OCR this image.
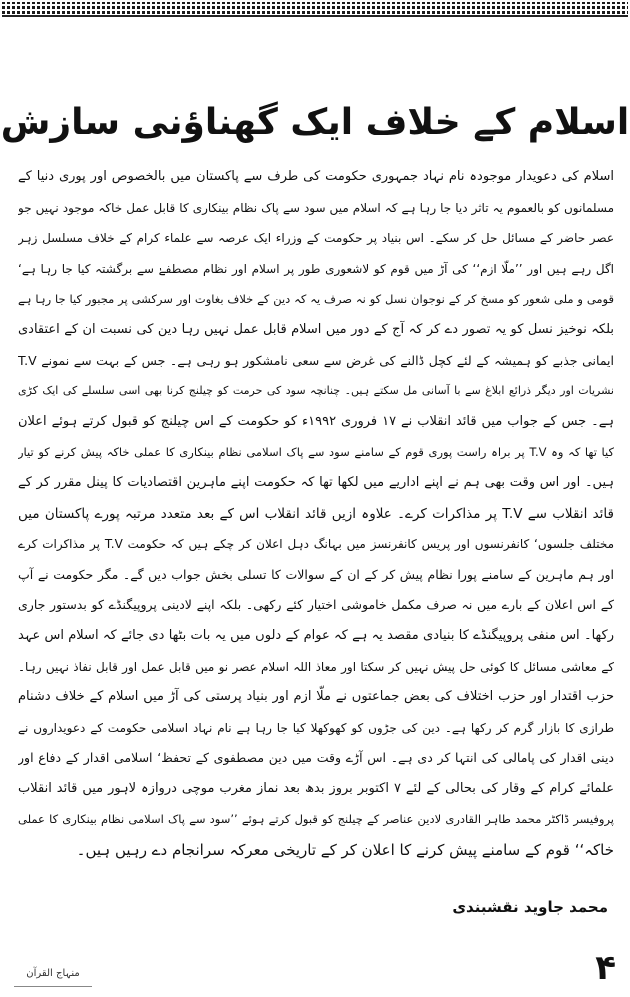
اسلام کے خلاف ایک گھناؤنی سازش
اسلام کی دعویدار موجودہ نام نہاد جمہوری حکومت کی طرف سے پاکستان میں بالخصوص اور پوری دنیا کے
مسلمانوں کو بالعموم یہ تاثر دیا جا رہا ہے کہ اسلام میں سود سے پاک نظام بینکاری کا قابل عمل خاکہ موجود نہیں جو
عصر حاضر کے مسائل حل کر سکے۔ اس بنیاد پر حکومت کے وزراء ایک عرصہ سے علماء کرام کے خلاف مسلسل زہر
اگل رہے ہیں اور ’’ملّا ازم‘‘ کی آڑ میں قوم کو لاشعوری طور پر اسلام اور نظام مصطفےٰ سے برگشتہ کیا جا رہا ہے‘
قومی و ملی شعور کو مسخ کر کے نوجوان نسل کو نہ صرف یہ کہ دین کے خلاف بغاوت اور سرکشی پر مجبور کیا جا رہا ہے
بلکہ نوخیز نسل کو یہ تصور دے کر کہ آج کے دور میں اسلام قابل عمل نہیں رہا دین کی نسبت ان کے اعتقادی
ایمانی جذبے کو ہمیشہ کے لئے کچل ڈالنے کی غرض سے سعی نامشکور ہو رہی ہے۔ جس کے بہت سے نمونے T.V
نشریات اور دیگر ذرائع ابلاغ سے با آسانی مل سکتے ہیں۔ چنانچہ سود کی حرمت کو چیلنج کرنا بھی اسی سلسلے کی ایک کڑی
ہے۔ جس کے جواب میں قائد انقلاب نے ۱۷ فروری ۱۹۹۲ء کو حکومت کے اس چیلنج کو قبول کرتے ہوئے اعلان
کیا تھا کہ وہ T.V پر براہ راست پوری قوم کے سامنے سود سے پاک اسلامی نظام بینکاری کا عملی خاکہ پیش کرنے کو تیار
ہیں۔ اور اس وقت بھی ہم نے اپنے اداریے میں لکھا تھا کہ حکومت اپنے ماہرین اقتصادیات کا پینل مقرر کر کے
قائد انقلاب سے T.V پر مذاکرات کرے۔ علاوہ ازیں قائد انقلاب اس کے بعد متعدد مرتبہ پورے پاکستان میں
مختلف جلسوں‘ کانفرنسوں اور پریس کانفرنسز میں بہانگ دہل اعلان کر چکے ہیں کہ حکومت T.V پر مذاکرات کرے
اور ہم ماہرین کے سامنے پورا نظام پیش کر کے ان کے سوالات کا تسلی بخش جواب دیں گے۔ مگر حکومت نے آپ
کے اس اعلان کے بارے میں نہ صرف مکمل خاموشی اختیار کئے رکھی۔ بلکہ اپنے لادینی پروپیگنڈے کو بدستور جاری
رکھا۔ اس منفی پروپیگنڈے کا بنیادی مقصد یہ ہے کہ عوام کے دلوں میں یہ بات بٹھا دی جائے کہ اسلام اس عہد
کے معاشی مسائل کا کوئی حل پیش نہیں کر سکتا اور معاذ اللہ اسلام عصر نو میں قابل عمل اور قابل نفاذ نہیں رہا۔
حزب اقتدار اور حزب اختلاف کی بعض جماعتوں نے ملّا ازم اور بنیاد پرستی کی آڑ میں اسلام کے خلاف دشنام
طرازی کا بازار گرم کر رکھا ہے۔ دین کی جڑوں کو کھوکھلا کیا جا رہا ہے نام نہاد اسلامی حکومت کے دعویداروں نے
دینی اقدار کی پامالی کی انتہا کر دی ہے۔ اس آڑے وقت میں دین مصطفوی کے تحفظ‘ اسلامی اقدار کے دفاع اور
علمائے کرام کے وقار کی بحالی کے لئے ۷ اکتوبر بروز بدھ بعد نماز مغرب موچی دروازہ لاہور میں قائد انقلاب
پروفیسر ڈاکٹر محمد طاہر القادری لادین عناصر کے چیلنج کو قبول کرتے ہوئے ’’سود سے پاک اسلامی نظام بینکاری کا عملی
خاکہ‘‘ قوم کے سامنے پیش کرنے کا اعلان کر کے تاریخی معرکہ سرانجام دے رہیں ہیں۔
محمد جاوید نقشبندی
منہاج القرآن	۴
